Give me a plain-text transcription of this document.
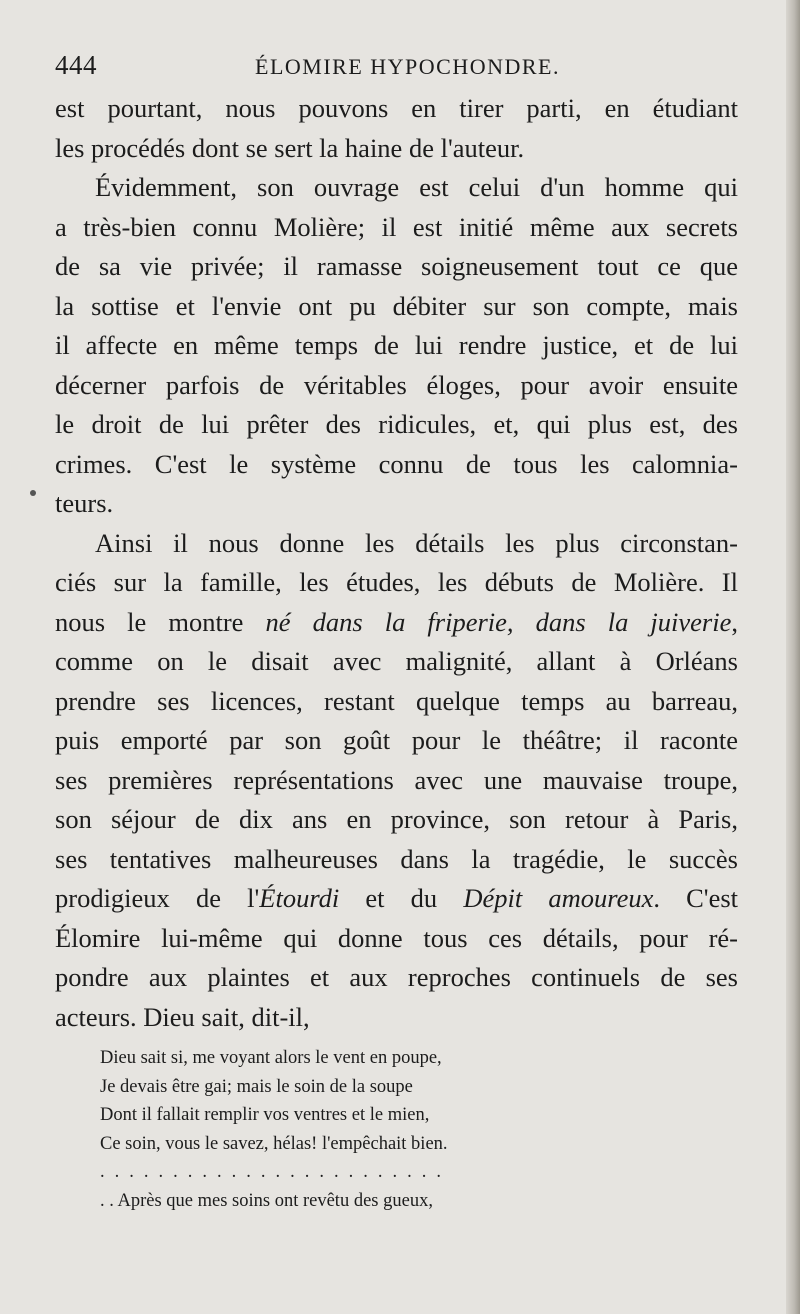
444	ÉLOMIRE HYPOCHONDRE.
est pourtant, nous pouvons en tirer parti, en étudiant
les procédés dont se sert la haine de l'auteur.
Évidemment, son ouvrage est celui d'un homme qui
a très-bien connu Molière; il est initié même aux secrets
de sa vie privée; il ramasse soigneusement tout ce que
la sottise et l'envie ont pu débiter sur son compte, mais
il affecte en même temps de lui rendre justice, et de lui
décerner parfois de véritables éloges, pour avoir ensuite
le droit de lui prêter des ridicules, et, qui plus est, des
crimes. C'est le système connu de tous les calomnia-
teurs.
Ainsi il nous donne les détails les plus circonstan-
ciés sur la famille, les études, les débuts de Molière. Il
nous le montre né dans la friperie, dans la juiverie,
comme on le disait avec malignité, allant à Orléans
prendre ses licences, restant quelque temps au barreau,
puis emporté par son goût pour le théâtre; il raconte
ses premières représentations avec une mauvaise troupe,
son séjour de dix ans en province, son retour à Paris,
ses tentatives malheureuses dans la tragédie, le succès
prodigieux de l'Étourdi et du Dépit amoureux. C'est
Élomire lui-même qui donne tous ces détails, pour ré-
pondre aux plaintes et aux reproches continuels de ses
acteurs. Dieu sait, dit-il,
Dieu sait si, me voyant alors le vent en poupe,
Je devais être gai; mais le soin de la soupe
Dont il fallait remplir vos ventres et le mien,
Ce soin, vous le savez, hélas! l'empêchait bien.
........................
. . Après que mes soins ont revêtu des gueux,
